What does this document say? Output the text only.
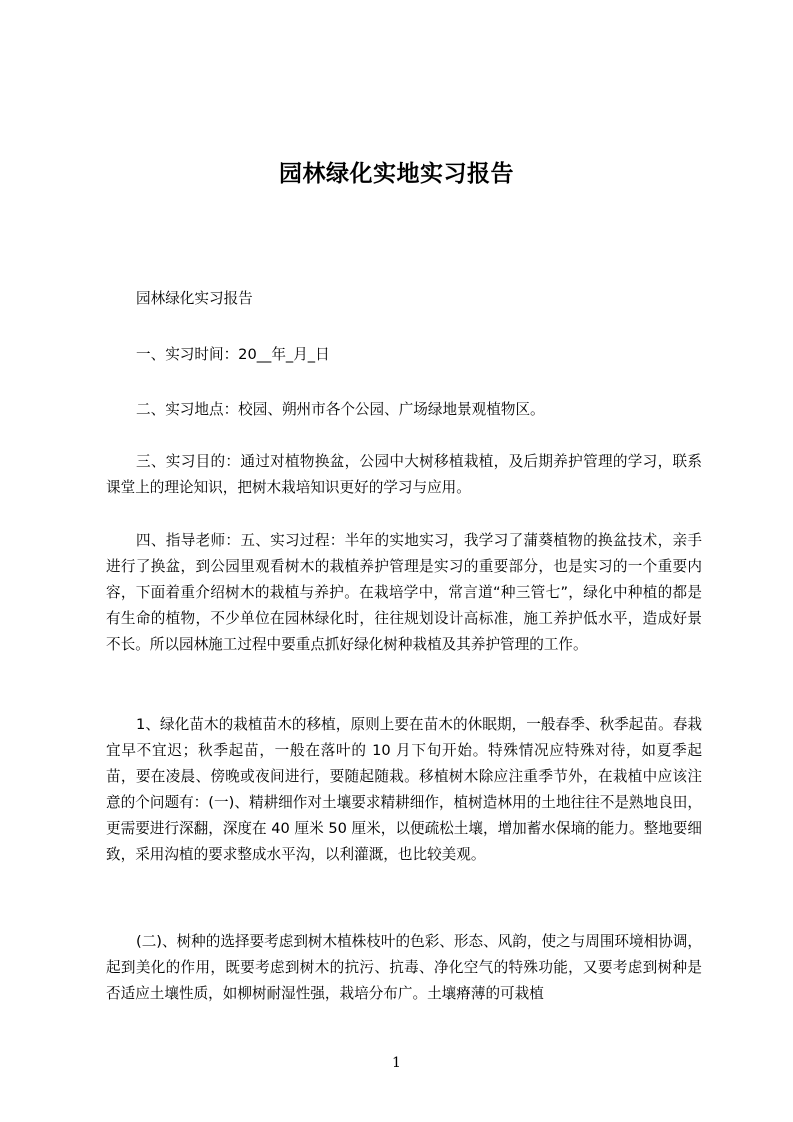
园林绿化实地实习报告

园林绿化实习报告

一、实习时间：20__年_月_日

二、实习地点：校园、朔州市各个公园、广场绿地景观植物区。

三、实习目的：通过对植物换盆，公园中大树移植栽植，及后期养护管理的学习，联系课堂上的理论知识，把树木栽培知识更好的学习与应用。

四、指导老师：五、实习过程：半年的实地实习，我学习了蒲葵植物的换盆技术，亲手进行了换盆，到公园里观看树木的栽植养护管理是实习的重要部分，也是实习的一个重要内容，下面着重介绍树木的栽植与养护。在栽培学中，常言道“种三管七”，绿化中种植的都是有生命的植物，不少单位在园林绿化时，往往规划设计高标准，施工养护低水平，造成好景不长。所以园林施工过程中要重点抓好绿化树种栽植及其养护管理的工作。

1、绿化苗木的栽植苗木的移植，原则上要在苗木的休眠期，一般春季、秋季起苗。春栽宜早不宜迟；秋季起苗，一般在落叶的 10 月下旬开始。特殊情况应特殊对待，如夏季起苗，要在凌晨、傍晚或夜间进行，要随起随栽。移植树木除应注重季节外，在栽植中应该注意的个问题有：(一)、精耕细作对土壤要求精耕细作，植树造林用的土地往往不是熟地良田，更需要进行深翻，深度在 40 厘米 50 厘米，以便疏松土壤，增加蓄水保墒的能力。整地要细致，采用沟植的要求整成水平沟，以利灌溉，也比较美观。

(二)、树种的选择要考虑到树木植株枝叶的色彩、形态、风韵，使之与周围环境相协调，起到美化的作用，既要考虑到树木的抗污、抗毒、净化空气的特殊功能，又要考虑到树种是否适应土壤性质，如柳树耐湿性强，栽培分布广。土壤瘠薄的可栽植

1
